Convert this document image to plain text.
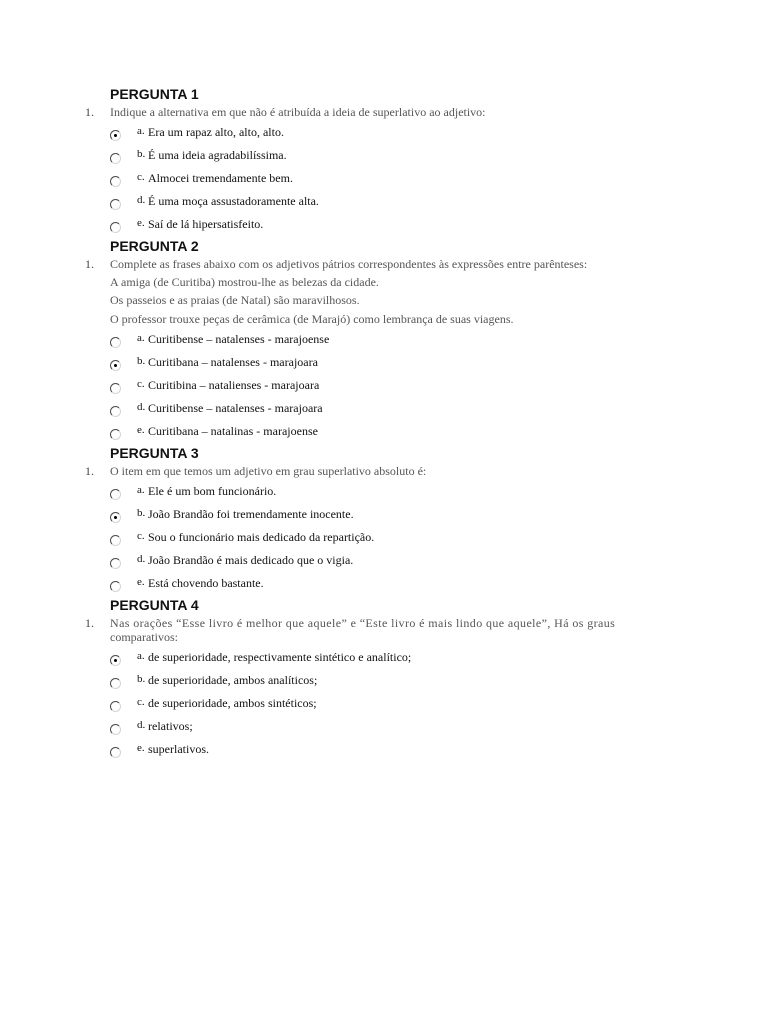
PERGUNTA 1
1. Indique a alternativa em que não é atribuída a ideia de superlativo ao adjetivo:
a. Era um rapaz alto, alto, alto.
b. É uma ideia agradabilíssima.
c. Almocei tremendamente bem.
d. É uma moça assustadoramente alta.
e. Saí de lá hipersatisfeito.
PERGUNTA 2
1. Complete as frases abaixo com os adjetivos pátrios correspondentes às expressões entre parênteses:
A amiga (de Curitiba) mostrou-lhe as belezas da cidade.
Os passeios e as praias (de Natal) são maravilhosos.
O professor trouxe peças de cerâmica (de Marajó) como lembrança de suas viagens.
a. Curitibense – natalenses - marajoense
b. Curitibana – natalenses - marajoara
c. Curitibina – natalienses - marajoara
d. Curitibense – natalenses - marajoara
e. Curitibana – natalinas - marajoense
PERGUNTA 3
1. O item em que temos um adjetivo em grau superlativo absoluto é:
a. Ele é um bom funcionário.
b. João Brandão foi tremendamente inocente.
c. Sou o funcionário mais dedicado da repartição.
d. João Brandão é mais dedicado que o vigia.
e. Está chovendo bastante.
PERGUNTA 4
1. Nas orações “Esse livro é melhor que aquele” e “Este livro é mais lindo que aquele”, Há os graus
comparativos:
a. de superioridade, respectivamente sintético e analítico;
b. de superioridade, ambos analíticos;
c. de superioridade, ambos sintéticos;
d. relativos;
e. superlativos.
